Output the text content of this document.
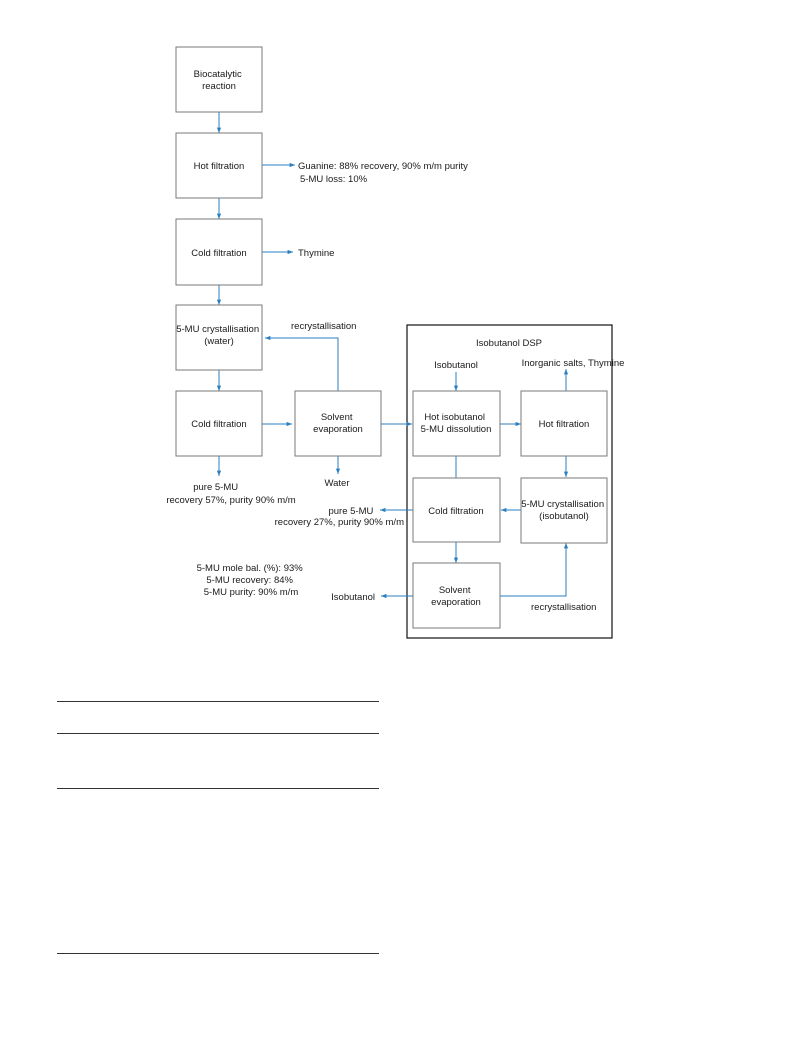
Isobutanol DSP
Biocatalytic reaction
Hot filtration
Cold filtration
5-MU crystallisation (water)
Cold filtration
Solvent evaporation
Hot isobutanol 5-MU dissolution	Hot filtration
Cold filtration
5-MU crystallisation (isobutanol)
Solvent evaporation
Guanine: 88% recovery, 90% m/m purity 5-MU loss: 10%
Thymine
recrystallisation
pure 5-MU recovery 57%, purity 90% m/m
Water
Isobutanol	Inorganic salts, Thymine
pure 5-MU recovery 27%, purity 90% m/m
Isobutanol
recrystallisation
5-MU mole bal. (%): 93% 5-MU recovery: 84% 5-MU purity: 90% m/m
